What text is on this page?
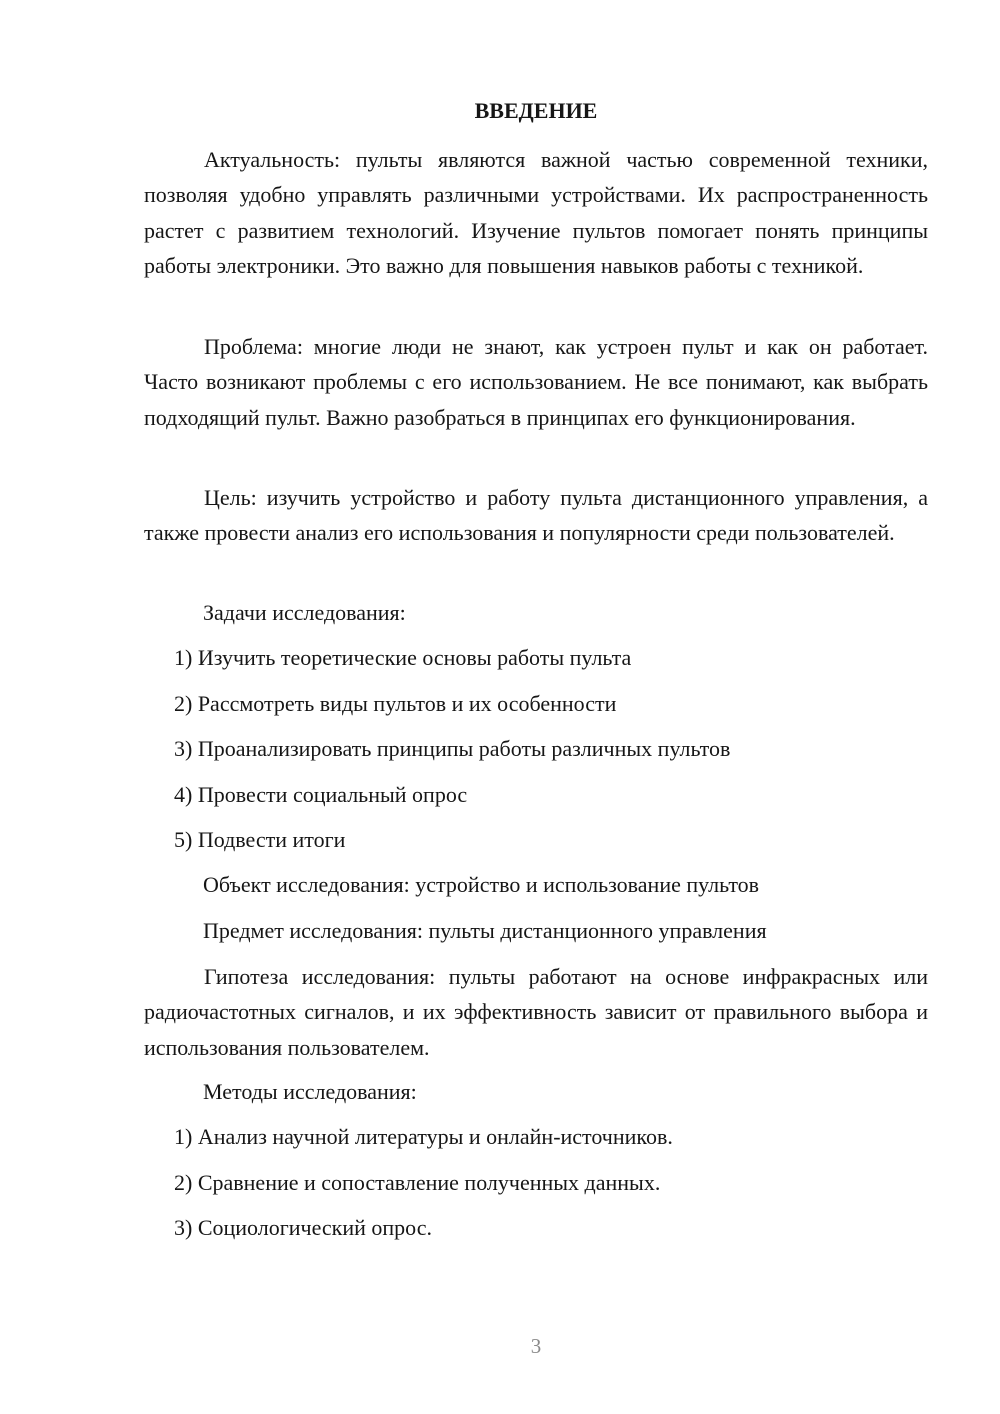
ВВЕДЕНИЕ

Актуальность: пульты являются важной частью современной техники, позволяя удобно управлять различными устройствами. Их распространенность растет с развитием технологий. Изучение пультов помогает понять принципы работы электроники. Это важно для повышения навыков работы с техникой.

Проблема: многие люди не знают, как устроен пульт и как он работает. Часто возникают проблемы с его использованием. Не все понимают, как выбрать подходящий пульт. Важно разобраться в принципах его функционирования.

Цель: изучить устройство и работу пульта дистанционного управления, а также провести анализ его использования и популярности среди пользователей.

Задачи исследования:

1) Изучить теоретические основы работы пульта
2) Рассмотреть виды пультов и их особенности
3) Проанализировать принципы работы различных пультов
4) Провести социальный опрос
5) Подвести итоги

Объект исследования: устройство и использование пультов

Предмет исследования: пульты дистанционного управления

Гипотеза исследования: пульты работают на основе инфракрасных или радиочастотных сигналов, и их эффективность зависит от правильного выбора и использования пользователем.

Методы исследования:

1) Анализ научной литературы и онлайн-источников.
2) Сравнение и сопоставление полученных данных.
3) Социологический опрос.
3
